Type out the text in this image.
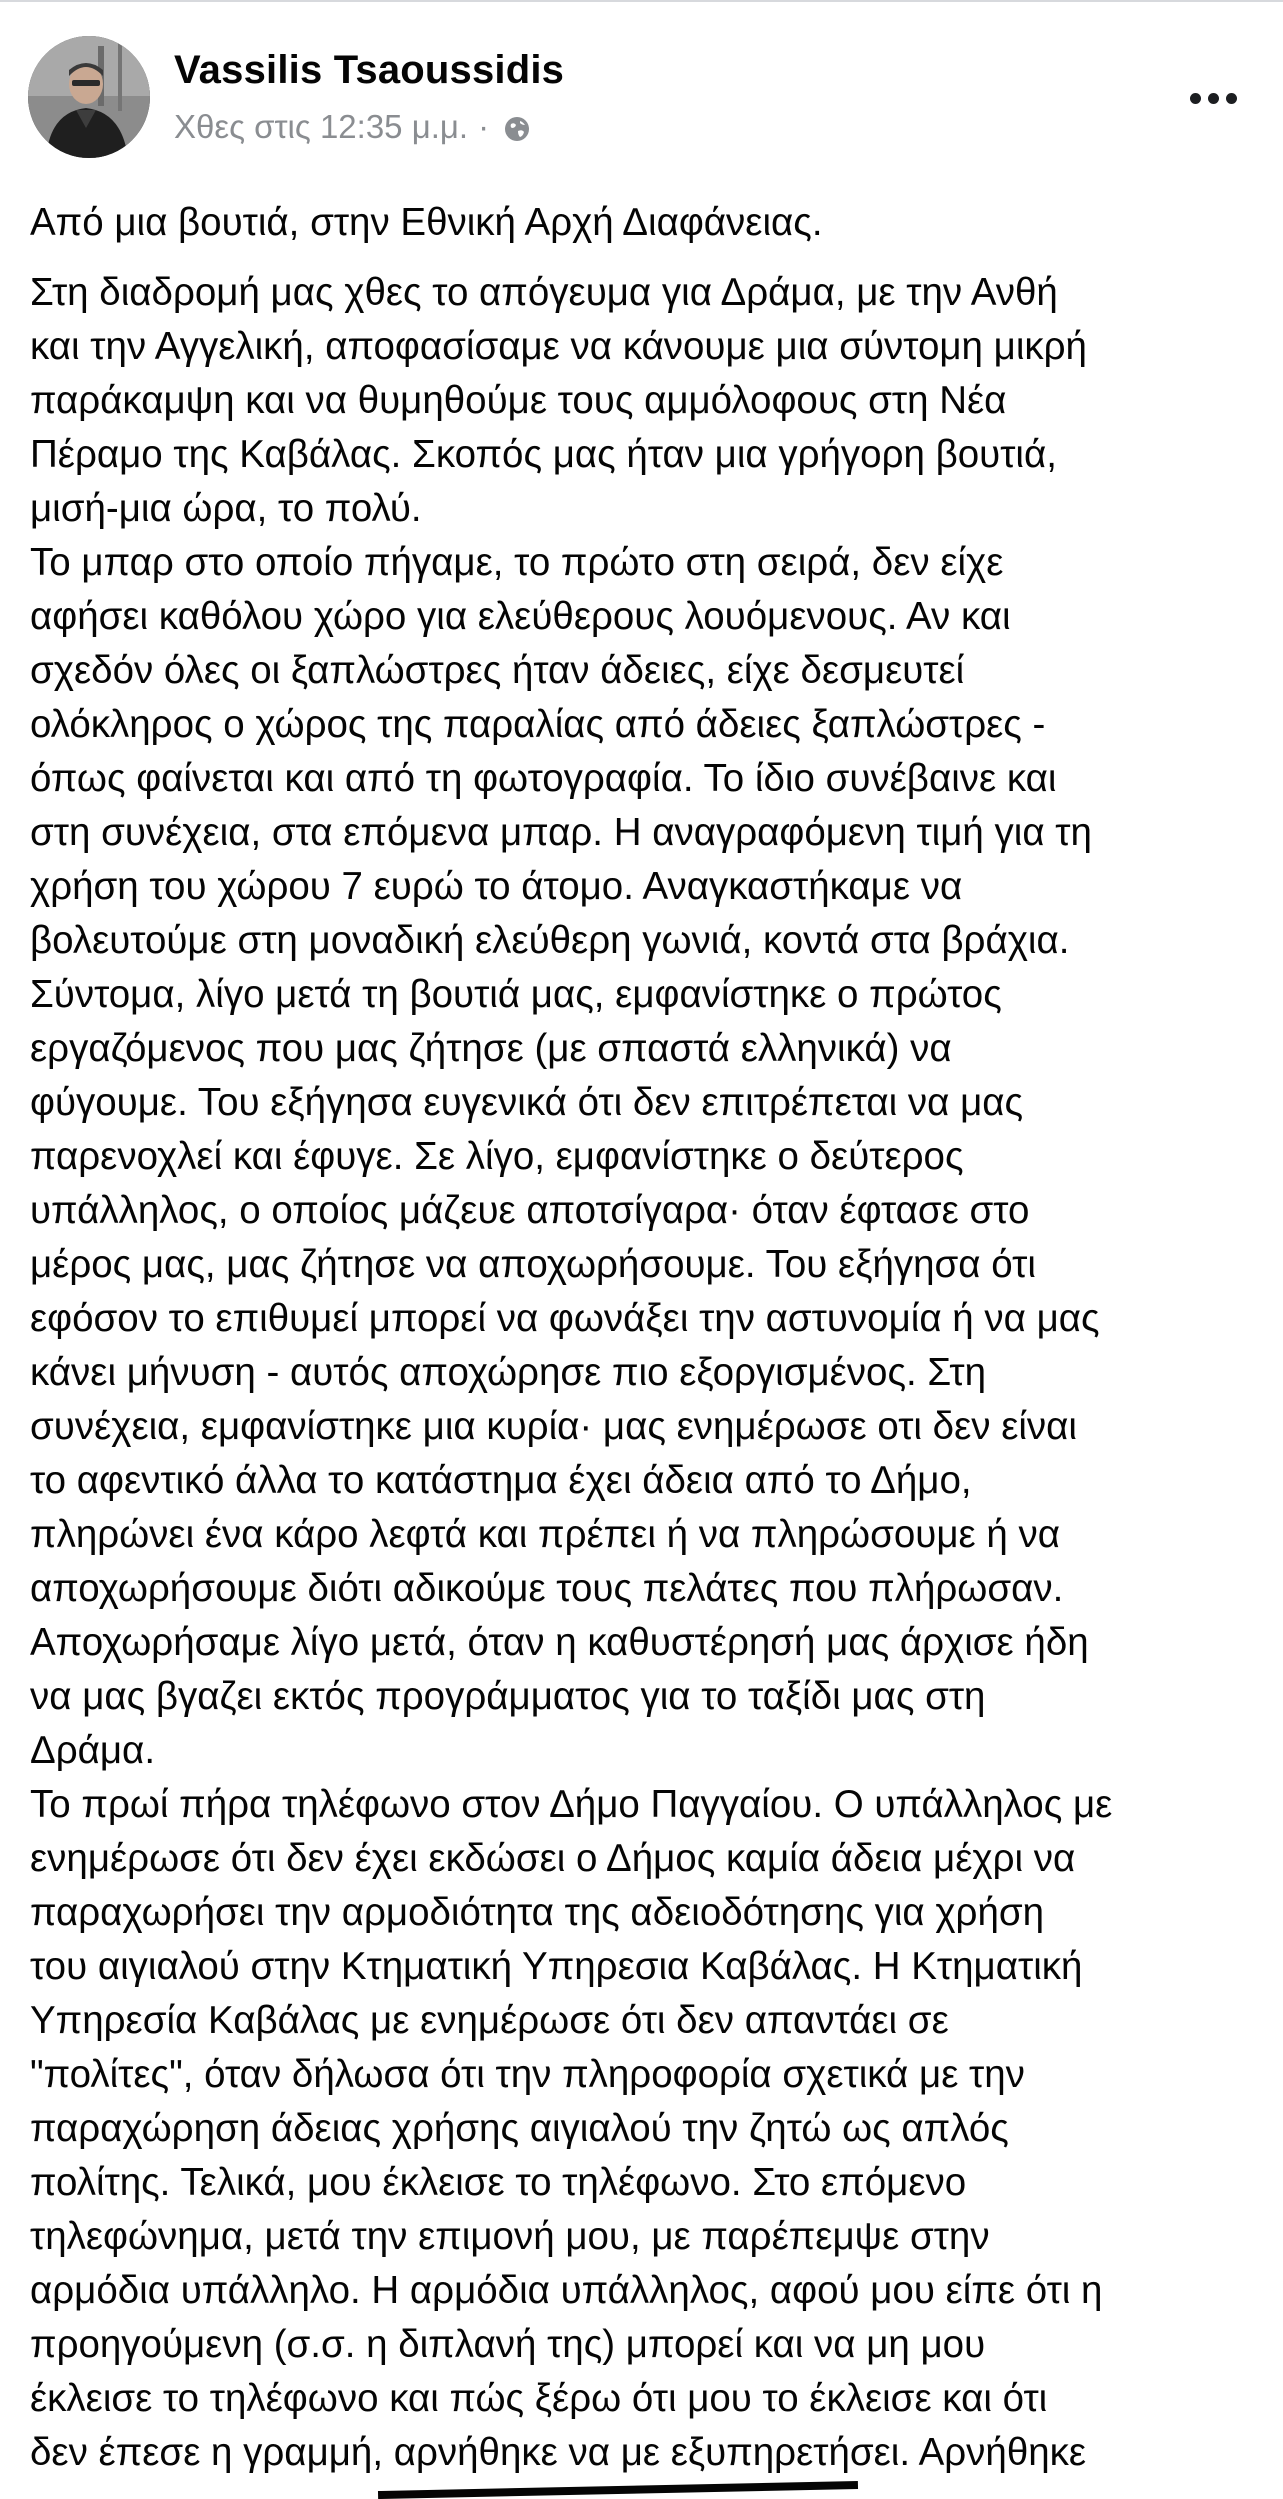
Vassilis Tsaoussidis
Χθες στις 12:35 μ.μ. ·
Από μια βουτιά, στην Εθνική Αρχή Διαφάνειας.
Στη διαδρομή μας χθες το απόγευμα για Δράμα, με την Ανθή
και την Αγγελική, αποφασίσαμε να κάνουμε μια σύντομη μικρή
παράκαμψη και να θυμηθούμε τους αμμόλοφους στη Νέα
Πέραμο της Καβάλας. Σκοπός μας ήταν μια γρήγορη βουτιά,
μισή-μια ώρα, το πολύ.
Το μπαρ στο οποίο πήγαμε, το πρώτο στη σειρά, δεν είχε
αφήσει καθόλου χώρο για ελεύθερους λουόμενους. Αν και
σχεδόν όλες οι ξαπλώστρες ήταν άδειες, είχε δεσμευτεί
ολόκληρος ο χώρος της παραλίας από άδειες ξαπλώστρες -
όπως φαίνεται και από τη φωτογραφία. Το ίδιο συνέβαινε και
στη συνέχεια, στα επόμενα μπαρ. Η αναγραφόμενη τιμή για τη
χρήση του χώρου 7 ευρώ το άτομο. Αναγκαστήκαμε να
βολευτούμε στη μοναδική ελεύθερη γωνιά, κοντά στα βράχια.
Σύντομα, λίγο μετά τη βουτιά μας, εμφανίστηκε ο πρώτος
εργαζόμενος που μας ζήτησε (με σπαστά ελληνικά) να
φύγουμε. Του εξήγησα ευγενικά ότι δεν επιτρέπεται να μας
παρενοχλεί και έφυγε. Σε λίγο, εμφανίστηκε ο δεύτερος
υπάλληλος, ο οποίος μάζευε αποτσίγαρα· όταν έφτασε στο
μέρος μας, μας ζήτησε να αποχωρήσουμε. Του εξήγησα ότι
εφόσον το επιθυμεί μπορεί να φωνάξει την αστυνομία ή να μας
κάνει μήνυση - αυτός αποχώρησε πιο εξοργισμένος. Στη
συνέχεια, εμφανίστηκε μια κυρία· μας ενημέρωσε οτι δεν είναι
το αφεντικό άλλα το κατάστημα έχει άδεια από το Δήμο,
πληρώνει ένα κάρο λεφτά και πρέπει ή να πληρώσουμε ή να
αποχωρήσουμε διότι αδικούμε τους πελάτες που πλήρωσαν.
Αποχωρήσαμε λίγο μετά, όταν η καθυστέρησή μας άρχισε ήδη
να μας βγαζει εκτός προγράμματος για το ταξίδι μας στη
Δράμα.
Το πρωί πήρα τηλέφωνο στον Δήμο Παγγαίου. Ο υπάλληλος με
ενημέρωσε ότι δεν έχει εκδώσει ο Δήμος καμία άδεια μέχρι να
παραχωρήσει την αρμοδιότητα της αδειοδότησης για χρήση
του αιγιαλού στην Κτηματική Υπηρεσια Καβάλας. Η Κτηματική
Υπηρεσία Καβάλας με ενημέρωσε ότι δεν απαντάει σε
"πολίτες", όταν δήλωσα ότι την πληροφορία σχετικά με την
παραχώρηση άδειας χρήσης αιγιαλού την ζητώ ως απλός
πολίτης. Τελικά, μου έκλεισε το τηλέφωνο. Στο επόμενο
τηλεφώνημα, μετά την επιμονή μου, με παρέπεμψε στην
αρμόδια υπάλληλο. Η αρμόδια υπάλληλος, αφού μου είπε ότι η
προηγούμενη (σ.σ. η διπλανή της) μπορεί και να μη μου
έκλεισε το τηλέφωνο και πώς ξέρω ότι μου το έκλεισε και ότι
δεν έπεσε η γραμμή, αρνήθηκε να με εξυπηρετήσει. Αρνήθηκε
